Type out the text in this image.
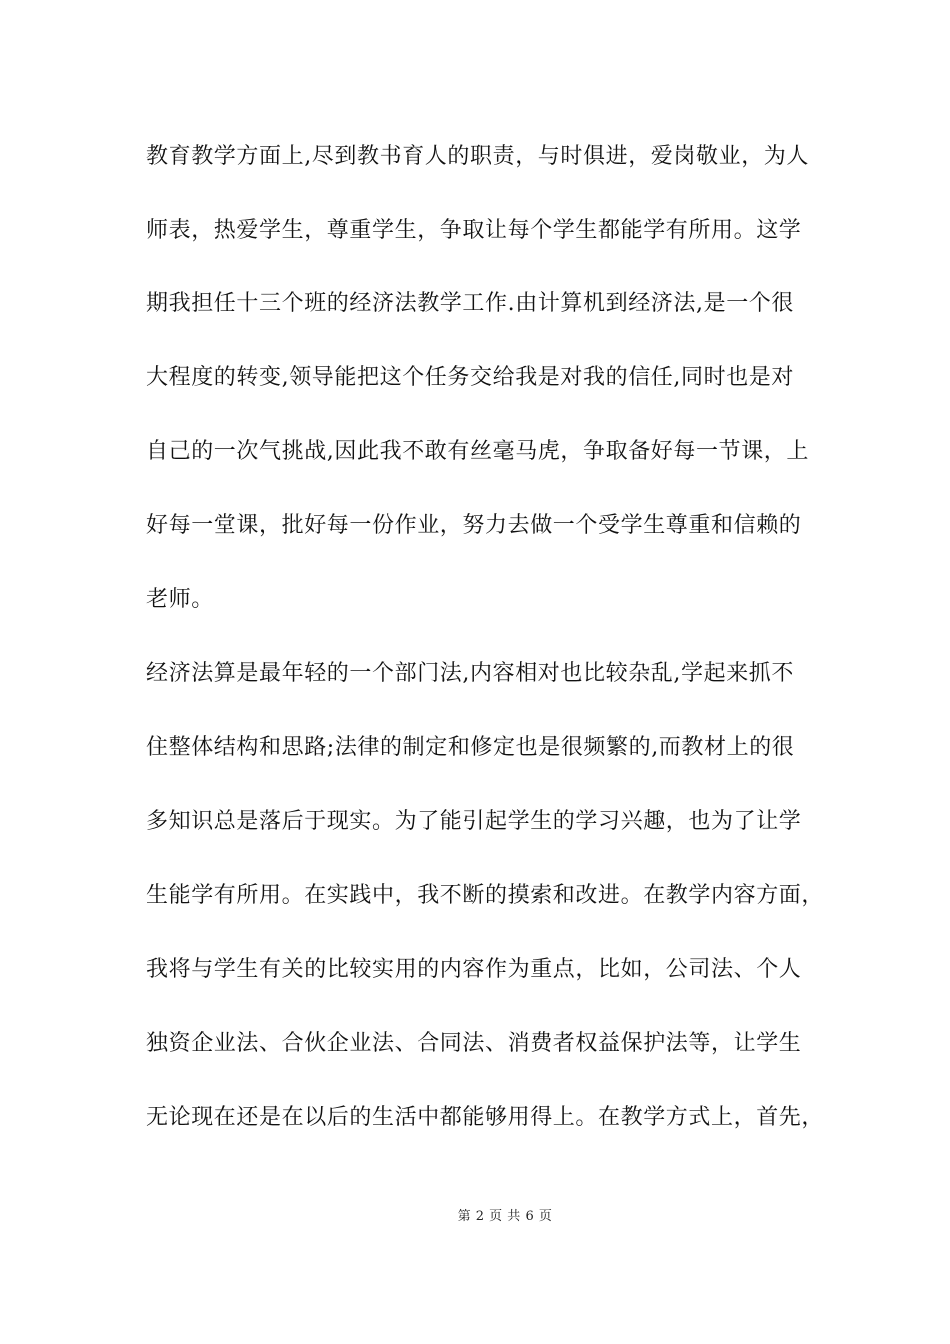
教育教学方面上,尽到教书育人的职责，与时俱进，爱岗敬业，为人
师表，热爱学生，尊重学生，争取让每个学生都能学有所用。这学
期我担任十三个班的经济法教学工作.由计算机到经济法,是一个很
大程度的转变,领导能把这个任务交给我是对我的信任,同时也是对
自己的一次气挑战,因此我不敢有丝毫马虎，争取备好每一节课，上
好每一堂课，批好每一份作业，努力去做一个受学生尊重和信赖的
老师。
经济法算是最年轻的一个部门法,内容相对也比较杂乱,学起来抓不
住整体结构和思路;法律的制定和修定也是很频繁的,而教材上的很
多知识总是落后于现实。为了能引起学生的学习兴趣，也为了让学
生能学有所用。在实践中，我不断的摸索和改进。在教学内容方面，
我将与学生有关的比较实用的内容作为重点，比如，公司法、个人
独资企业法、合伙企业法、合同法、消费者权益保护法等，让学生
无论现在还是在以后的生活中都能够用得上。在教学方式上，首先，
第 2 页 共 6 页
